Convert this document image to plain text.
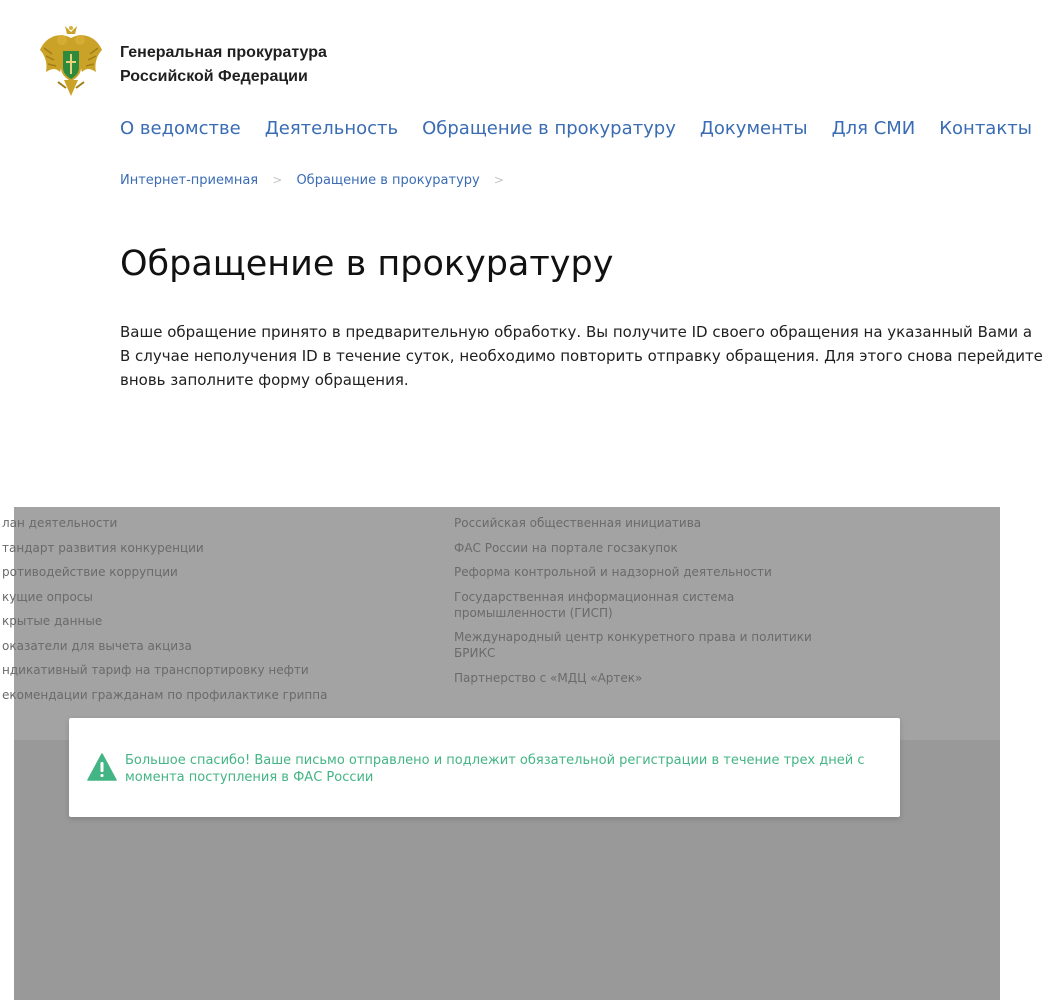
Генеральная прокуратура
Российской Федерации
О ведомстве Деятельность Обращение в прокуратуру Документы Для СМИ Контакты
Интернет-приемная > Обращение в прокуратуру >
Обращение в прокуратуру
Ваше обращение принято в предварительную обработку. Вы получите ID своего обращения на указанный Вами а
В случае неполучения ID в течение суток, необходимо повторить отправку обращения. Для этого снова перейдите
вновь заполните форму обращения.
лан деятельности
тандарт развития конкуренции
ротиводействие коррупции
кущие опросы
крытые данные
оказатели для вычета акциза
ндикативный тариф на транспортировку нефти
екомендации гражданам по профилактике гриппа
Российская общественная инициатива
ФАС России на портале госзакупок
Реформа контрольной и надзорной деятельности
Государственная информационная система промышленности (ГИСП)
Международный центр конкуретного права и политики БРИКС
Партнерство с «МДЦ «Артек»
Большое спасибо! Ваше письмо отправлено и подлежит обязательной регистрации в течение трех дней с момента поступления в ФАС России
